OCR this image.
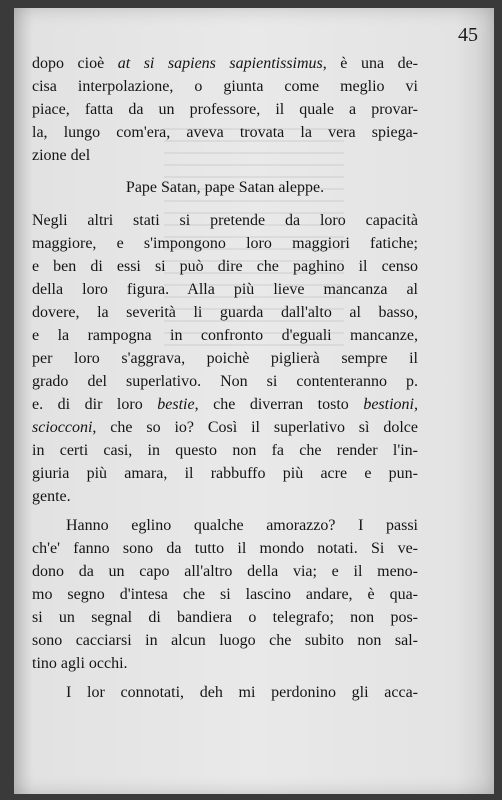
45
dopo cioè at si sapiens sapientissimus, è una de-
cisa interpolazione, o giunta come meglio vi
piace, fatta da un professore, il quale a provar-
la, lungo com'era, aveva trovata la vera spiega-
zione del
Pape Satan, pape Satan aleppe.
Negli altri stati si pretende da loro capacità
maggiore, e s'impongono loro maggiori fatiche;
e ben di essi si può dire che paghino il censo
della loro figura. Alla più lieve mancanza al
dovere, la severità li guarda dall'alto al basso,
e la rampogna in confronto d'eguali mancanze,
per loro s'aggrava, poichè piglierà sempre il
grado del superlativo. Non si contenteranno p.
e. di dir loro bestie, che diverran tosto bestioni,
sciocconi, che so io? Così il superlativo sì dolce
in certi casi, in questo non fa che render l'in-
giuria più amara, il rabbuffo più acre e pun-
gente.
Hanno eglino qualche amorazzo? I passi
ch'e' fanno sono da tutto il mondo notati. Si ve-
dono da un capo all'altro della via; e il meno-
mo segno d'intesa che si lascino andare, è qua-
si un segnal di bandiera o telegrafo; non pos-
sono cacciarsi in alcun luogo che subito non sal-
tino agli occhi.
I lor connotati, deh mi perdonino gli acca-
